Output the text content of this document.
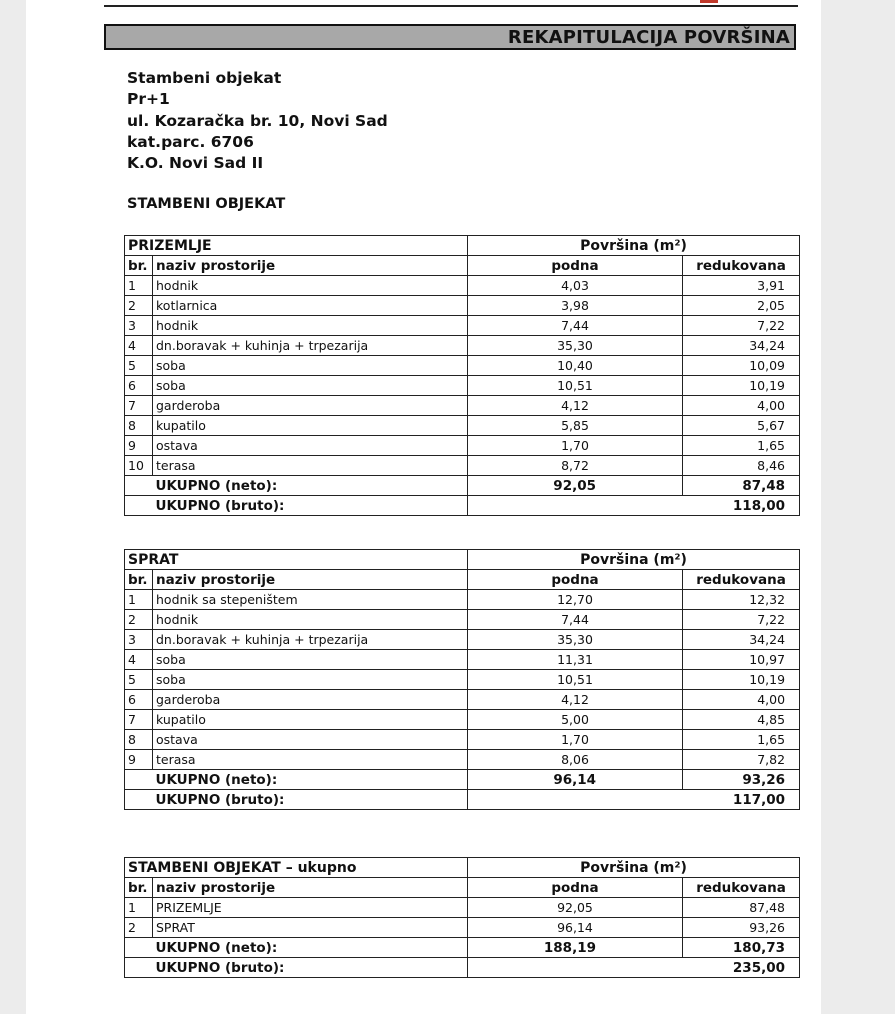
REKAPITULACIJA POVRŠINA
Stambeni objekat
Pr+1
ul. Kozaračka br. 10, Novi Sad
kat.parc. 6706
K.O. Novi Sad II
STAMBENI OBJEKAT
PRIZEMLJE		Površina (m²)	
br.	naziv prostorije	podna	redukovana
1	hodnik	4,03	3,91
2	kotlarnica	3,98	2,05
3	hodnik	7,44	7,22
4	dn.boravak + kuhinja + trpezarija	35,30	34,24
5	soba	10,40	10,09
6	soba	10,51	10,19
7	garderoba	4,12	4,00
8	kupatilo	5,85	5,67
9	ostava	1,70	1,65
10	terasa	8,72	8,46
	UKUPNO (neto):	92,05	87,48
	UKUPNO (bruto):		118,00
SPRAT		Površina (m²)	
br.	naziv prostorije	podna	redukovana
1	hodnik sa stepeništem	12,70	12,32
2	hodnik	7,44	7,22
3	dn.boravak + kuhinja + trpezarija	35,30	34,24
4	soba	11,31	10,97
5	soba	10,51	10,19
6	garderoba	4,12	4,00
7	kupatilo	5,00	4,85
8	ostava	1,70	1,65
9	terasa	8,06	7,82
	UKUPNO (neto):	96,14	93,26
	UKUPNO (bruto):		117,00
STAMBENI OBJEKAT – ukupno		Površina (m²)	
br.	naziv prostorije	podna	redukovana
1	PRIZEMLJE	92,05	87,48
2	SPRAT	96,14	93,26
	UKUPNO (neto):	188,19	180,73
	UKUPNO (bruto):		235,00
